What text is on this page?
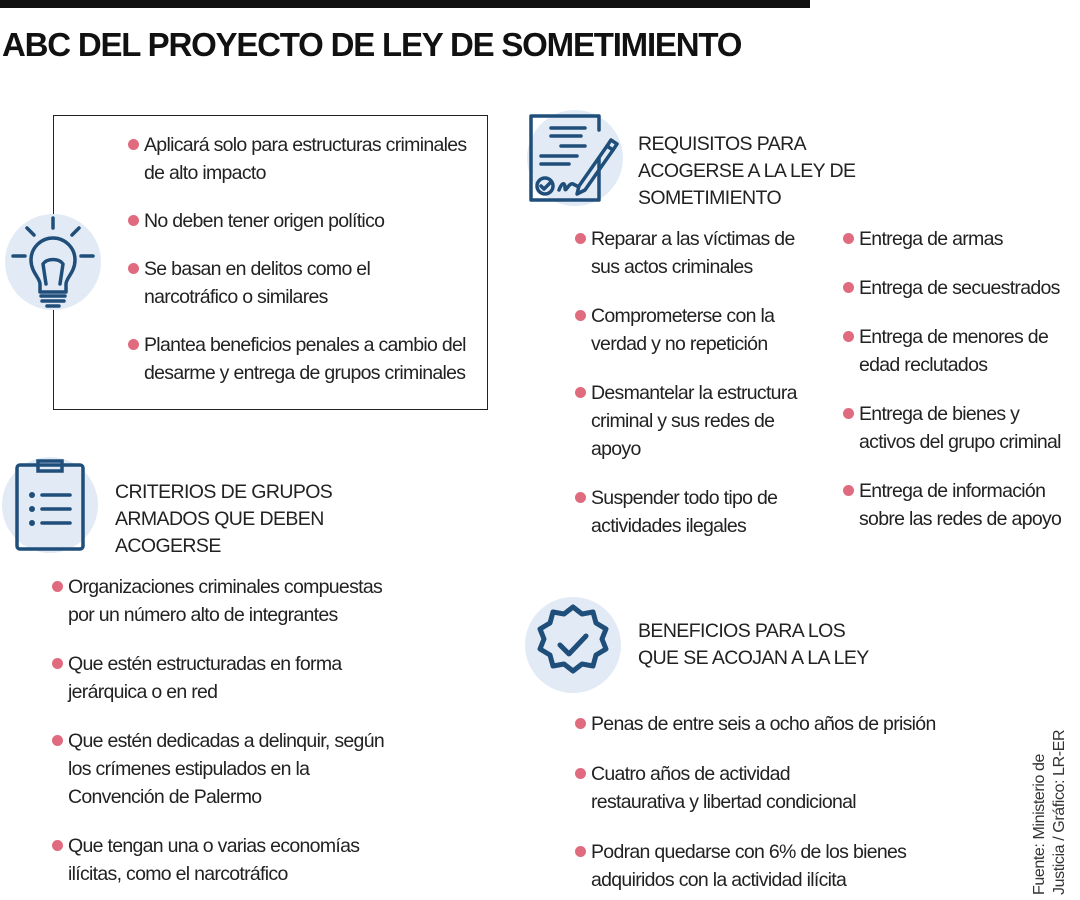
ABC DEL PROYECTO DE LEY DE SOMETIMIENTO
Aplicará solo para estructuras criminales de alto impacto
No deben tener origen político
Se basan en delitos como el narcotráfico o similares
Plantea beneficios penales a cambio del desarme y entrega de grupos criminales
CRITERIOS DE GRUPOS ARMADOS QUE DEBEN ACOGERSE
Organizaciones criminales compuestas por un número alto de integrantes
Que estén estructuradas en forma jerárquica o en red
Que estén dedicadas a delinquir, según los crímenes estipulados en la Convención de Palermo
Que tengan una o varias economías ilícitas, como el narcotráfico
REQUISITOS PARA ACOGERSE A LA LEY DE SOMETIMIENTO
Reparar a las víctimas de sus actos criminales
Comprometerse con la verdad y no repetición
Desmantelar la estructura criminal y sus redes de apoyo
Suspender todo tipo de actividades ilegales
Entrega de armas
Entrega de secuestrados
Entrega de menores de edad reclutados
Entrega de bienes y activos del grupo criminal
Entrega de información sobre las redes de apoyo
BENEFICIOS PARA LOS QUE SE ACOJAN A LA LEY
Penas de entre seis a ocho años de prisión
Cuatro años de actividad restaurativa y libertad condicional
Podran quedarse con 6% de los bienes adquiridos con la actividad ilícita	Fuente: Ministerio de Justicia / Gráfico: LR-ER
